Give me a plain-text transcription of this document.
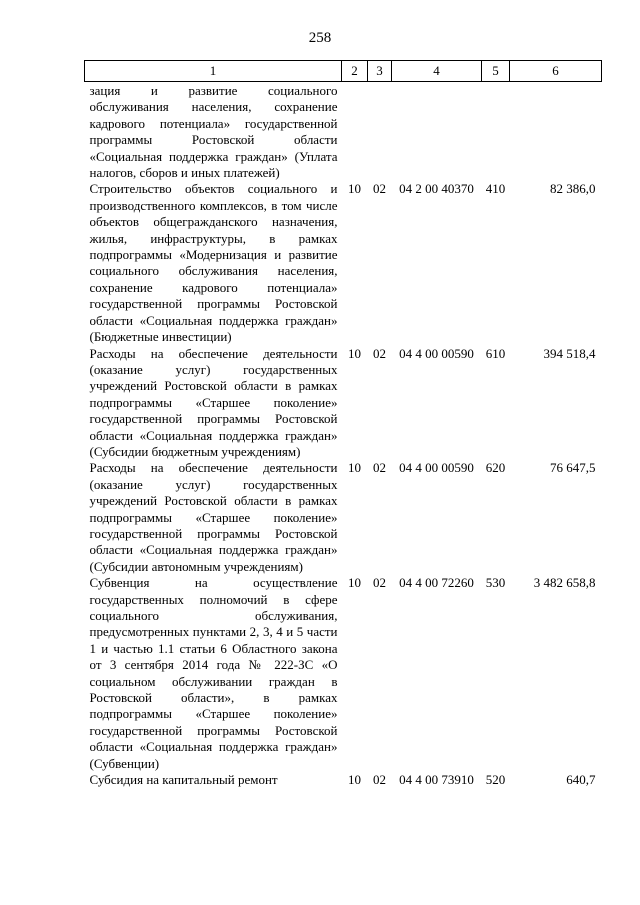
258
1	2	3	4	5	6
зация и развитие социального обслуживания населения, сохранение кадрового потенциала» государственной программы Ростовской области «Социальная поддержка граждан» (Уплата налогов, сборов и иных платежей)					
Строительство объектов социального и производственного комплексов, в том числе объектов общегражданского назначения, жилья, инфраструктуры, в рамках подпрограммы «Модернизация и развитие социального обслуживания населения, сохранение кадрового потенциала» государственной программы Ростовской области «Социальная поддержка граждан» (Бюджетные инвестиции)	10	02	04 2 00 40370	410	82 386,0
Расходы на обеспечение деятельности (оказание услуг) государственных учреждений Ростовской области в рамках подпрограммы «Старшее поколение» государственной программы Ростовской области «Социальная поддержка граждан» (Субсидии бюджетным учреждениям)	10	02	04 4 00 00590	610	394 518,4
Расходы на обеспечение деятельности (оказание услуг) государственных учреждений Ростовской области в рамках подпрограммы «Старшее поколение» государственной программы Ростовской области «Социальная поддержка граждан» (Субсидии автономным учреждениям)	10	02	04 4 00 00590	620	76 647,5
Субвенция на осуществление государственных полномочий в сфере социального обслуживания, предусмотренных пунктами 2, 3, 4 и 5 части 1 и частью 1.1 статьи 6 Областного закона от 3 сентября 2014 года № 222-ЗС «О социальном обслуживании граждан в Ростовской области», в рамках подпрограммы «Старшее поколение» государственной программы Ростовской области «Социальная поддержка граждан» (Субвенции)	10	02	04 4 00 72260	530	3 482 658,8
Субсидия на капитальный ремонт	10	02	04 4 00 73910	520	640,7
